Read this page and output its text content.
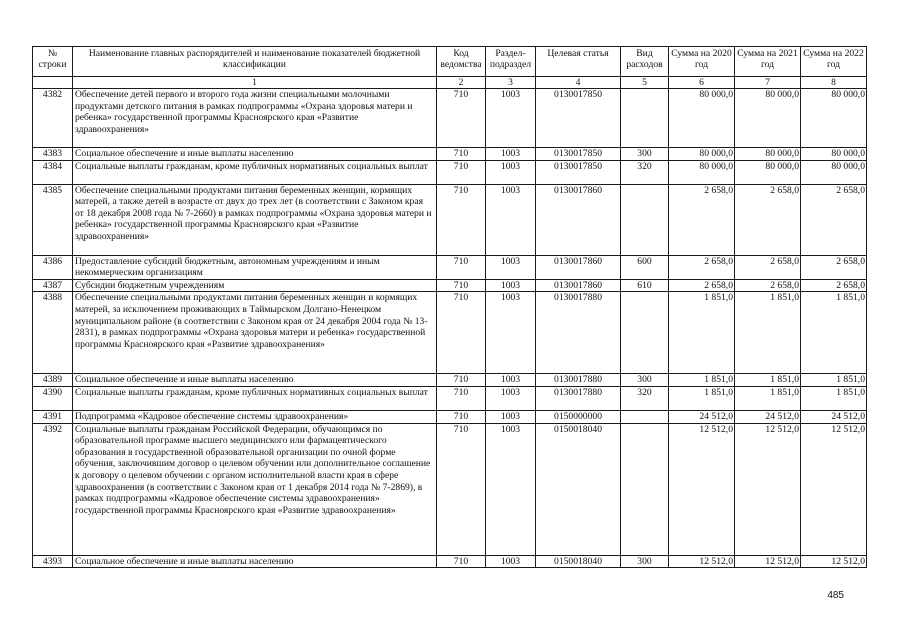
№ строки	Наименование главных распорядителей и наименование показателей бюджетной классификации	Код ведомства	Раздел-подраздел	Целевая статья	Вид расходов	Сумма на 2020 год	Сумма на 2021 год	Сумма на 2022 год
	1	2	3	4	5	6	7	8
4382	Обеспечение детей первого и второго года жизни специальными молочными продуктами детского питания в рамках подпрограммы «Охрана здоровья матери и ребенка» государственной программы Красноярского края «Развитие здравоохранения»	710	1003	0130017850		80 000,0	80 000,0	80 000,0
4383	Социальное обеспечение и иные выплаты населению	710	1003	0130017850	300	80 000,0	80 000,0	80 000,0
4384	Социальные выплаты гражданам, кроме публичных нормативных социальных выплат	710	1003	0130017850	320	80 000,0	80 000,0	80 000,0
4385	Обеспечение специальными продуктами питания беременных женщин, кормящих матерей, а также детей в возрасте от двух до трех лет (в соответствии с Законом края от 18 декабря 2008 года № 7-2660) в рамках подпрограммы «Охрана здоровья матери и ребенка» государственной программы Красноярского края «Развитие здравоохранения»	710	1003	0130017860		2 658,0	2 658,0	2 658,0
4386	Предоставление субсидий бюджетным, автономным учреждениям и иным некоммерческим организациям	710	1003	0130017860	600	2 658,0	2 658,0	2 658,0
4387	Субсидии бюджетным учреждениям	710	1003	0130017860	610	2 658,0	2 658,0	2 658,0
4388	Обеспечение специальными продуктами питания беременных женщин и кормящих матерей, за исключением проживающих в Таймырском Долгано-Ненецком муниципальном районе (в соответствии с Законом края от 24 декабря 2004 года № 13-2831), в рамках подпрограммы «Охрана здоровья матери и ребенка» государственной программы Красноярского края «Развитие здравоохранения»	710	1003	0130017880		1 851,0	1 851,0	1 851,0
4389	Социальное обеспечение и иные выплаты населению	710	1003	0130017880	300	1 851,0	1 851,0	1 851,0
4390	Социальные выплаты гражданам, кроме публичных нормативных социальных выплат	710	1003	0130017880	320	1 851,0	1 851,0	1 851,0
4391	Подпрограмма «Кадровое обеспечение системы здравоохранения»	710	1003	0150000000		24 512,0	24 512,0	24 512,0
4392	Социальные выплаты гражданам Российской Федерации, обучающимся по образовательной программе высшего медицинского или фармацевтического образования в государственной образовательной организации по очной форме обучения, заключившим договор о целевом обучении или дополнительное соглашение к договору о целевом обучении с органом исполнительной власти края в сфере здравоохранения (в соответствии с Законом края от 1 декабря 2014 года № 7-2869), в рамках подпрограммы «Кадровое обеспечение системы здравоохранения» государственной программы Красноярского края «Развитие здравоохранения»	710	1003	0150018040		12 512,0	12 512,0	12 512,0
4393	Социальное обеспечение и иные выплаты населению	710	1003	0150018040	300	12 512,0	12 512,0	12 512,0
485
